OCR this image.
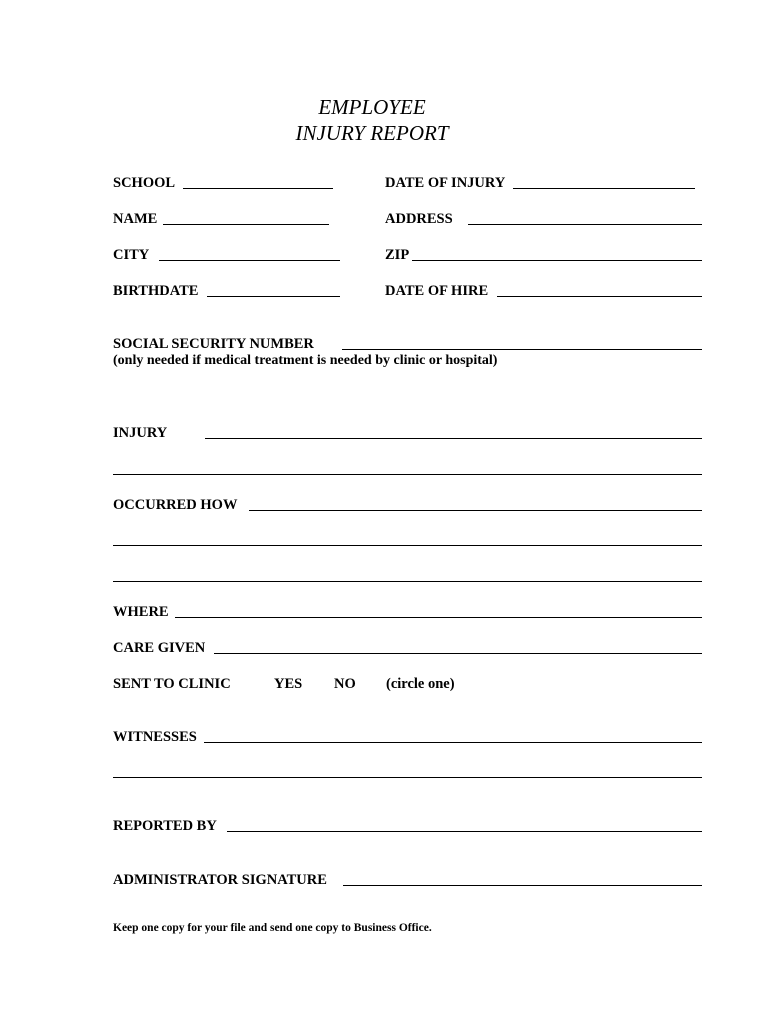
EMPLOYEE
INJURY REPORT
SCHOOL	DATE OF INJURY
NAME	ADDRESS
CITY	ZIP
BIRTHDATE	DATE OF HIRE
SOCIAL SECURITY NUMBER
(only needed if medical treatment is needed by clinic or hospital)
INJURY
OCCURRED HOW
WHERE
CARE GIVEN
SENT TO CLINIC	YES NO (circle one)
WITNESSES
REPORTED BY
ADMINISTRATOR SIGNATURE
Keep one copy for your file and send one copy to Business Office.
